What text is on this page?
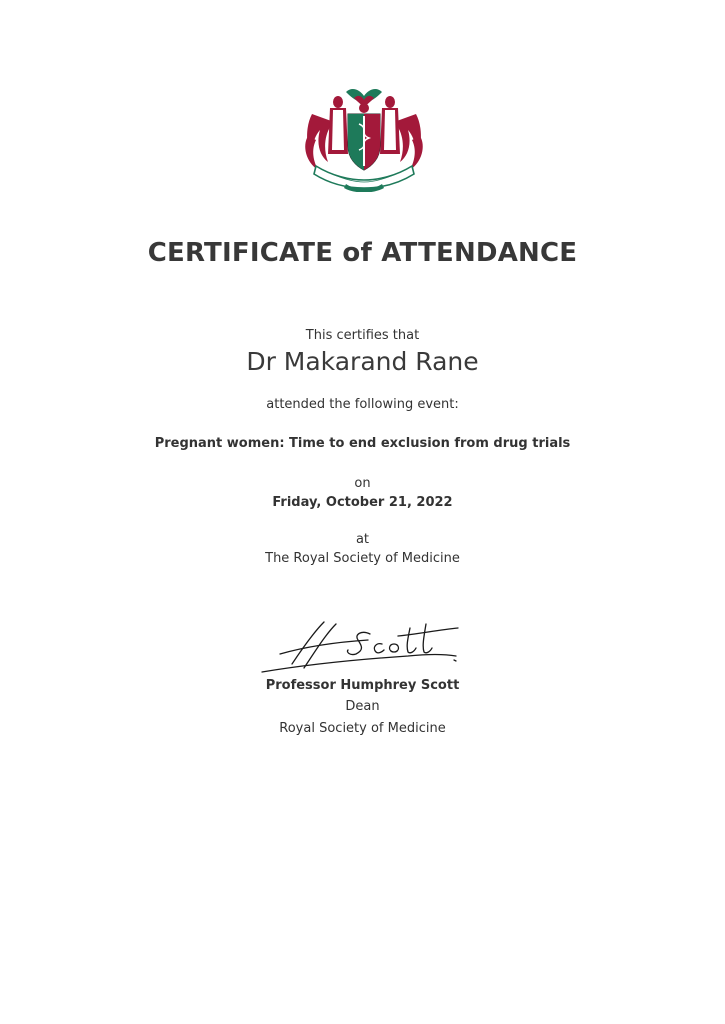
CERTIFICATE of ATTENDANCE
This certifies that
Dr Makarand Rane
attended the following event:
Pregnant women: Time to end exclusion from drug trials
on
Friday, October 21, 2022
at
The Royal Society of Medicine
Professor Humphrey Scott
Dean
Royal Society of Medicine
